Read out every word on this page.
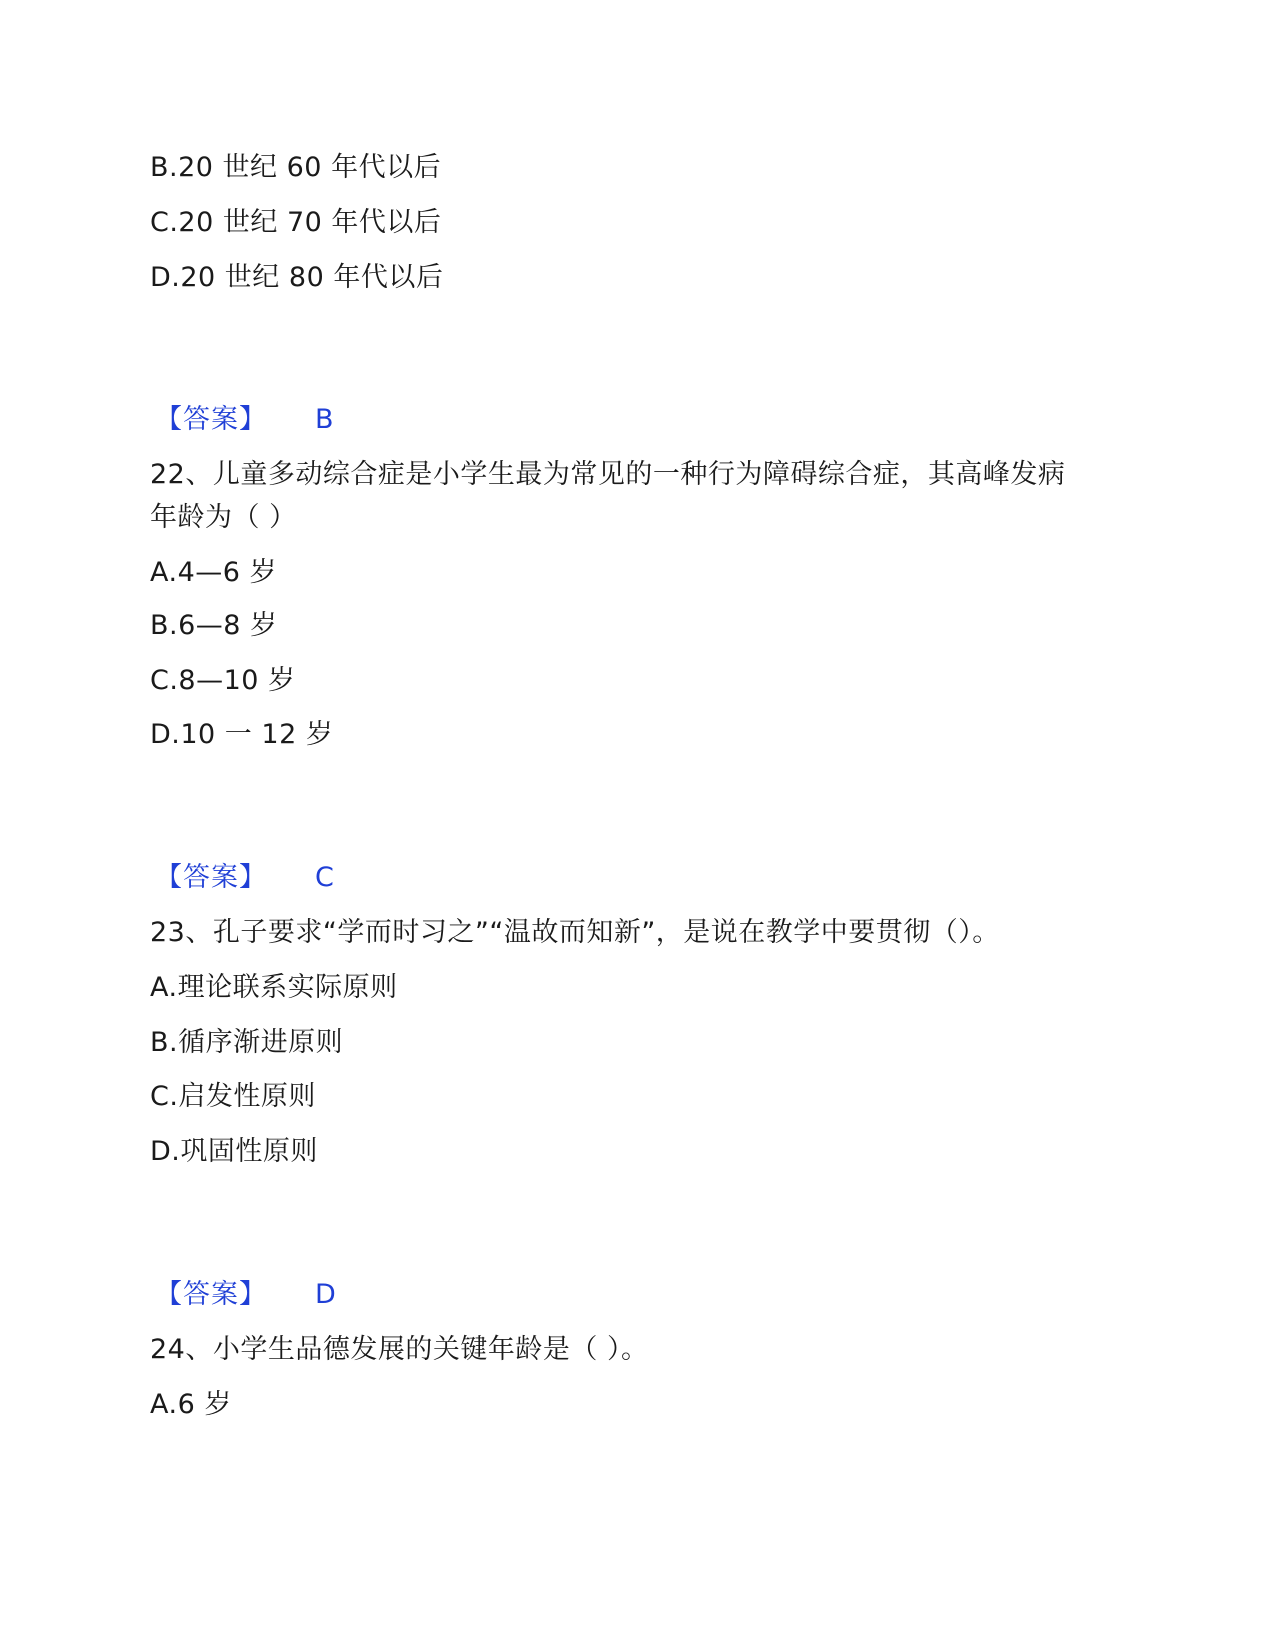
B.20 世纪 60 年代以后
C.20 世纪 70 年代以后
D.20 世纪 80 年代以后
【答案】 B
22、儿童多动综合症是小学生最为常见的一种行为障碍综合症，其高峰发病
年龄为（ ）
A.4—6 岁
B.6—8 岁
C.8—10 岁
D.10 一 12 岁
【答案】 C
23、孔子要求“学而时习之”“温故而知新”，是说在教学中要贯彻（）。
A.理论联系实际原则
B.循序渐进原则
C.启发性原则
D.巩固性原则
【答案】 D
24、小学生品德发展的关键年龄是（ ）。
A.6 岁
